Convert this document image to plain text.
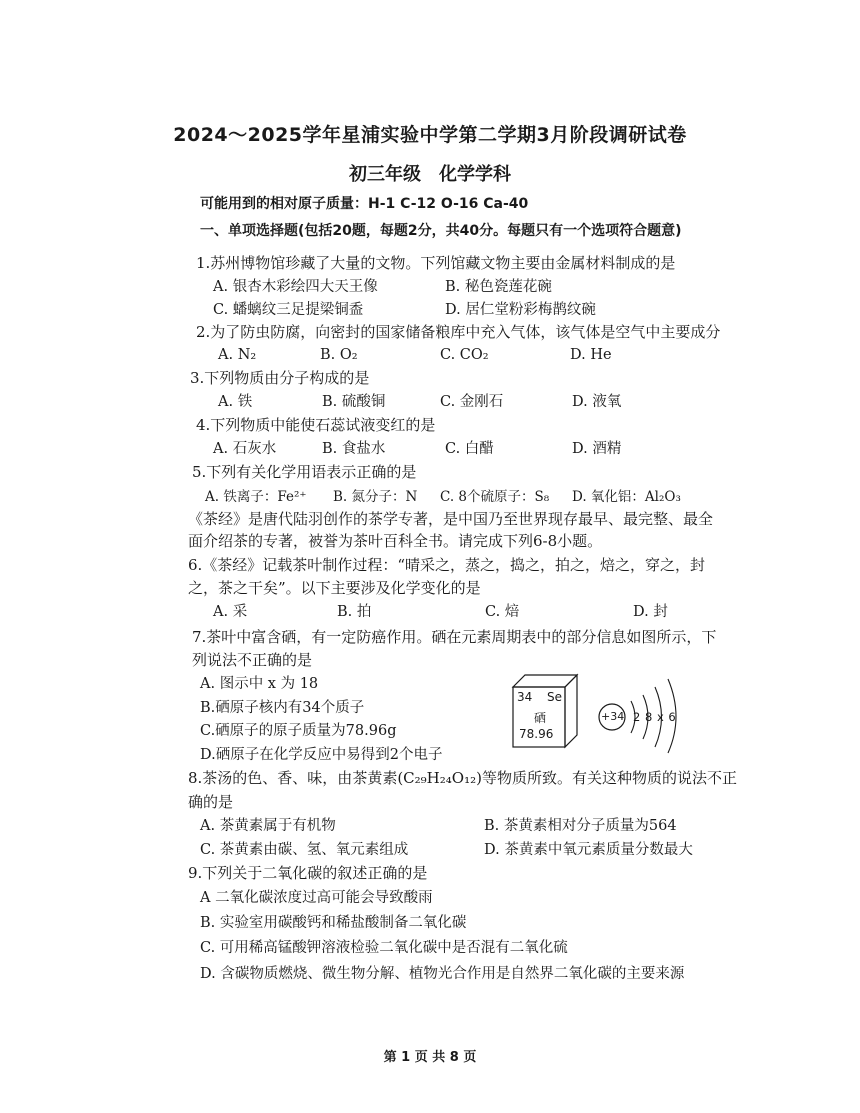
2024～2025学年星浦实验中学第二学期3月阶段调研试卷
初三年级　化学学科
可能用到的相对原子质量：H-1 C-12 O-16 Ca-40
一、单项选择题(包括20题，每题2分，共40分。每题只有一个选项符合题意)
1.苏州博物馆珍藏了大量的文物。下列馆藏文物主要由金属材料制成的是
A. 银杏木彩绘四大天王像	B. 秘色瓷莲花碗
C. 蟠螭纹三足提梁铜盉	D. 居仁堂粉彩梅鹊纹碗
2.为了防虫防腐，向密封的国家储备粮库中充入气体，该气体是空气中主要成分
A. N₂	B. O₂	C. CO₂	D. He
3.下列物质由分子构成的是
A. 铁	B. 硫酸铜	C. 金刚石	D. 液氧
4.下列物质中能使石蕊试液变红的是
A. 石灰水	B. 食盐水	C. 白醋	D. 酒精
5.下列有关化学用语表示正确的是
A. 铁离子：Fe²⁺ B. 氮分子：N C. 8个硫原子：S₈ D. 氧化铝：Al₂O₃
《茶经》是唐代陆羽创作的茶学专著，是中国乃至世界现存最早、最完整、最全
面介绍茶的专著，被誉为茶叶百科全书。请完成下列6-8小题。
6.《茶经》记载茶叶制作过程：“晴采之，蒸之，捣之，拍之，焙之，穿之，封
之，茶之干矣”。以下主要涉及化学变化的是
A. 采	B. 拍	C. 焙	D. 封
7.茶叶中富含硒，有一定防癌作用。硒在元素周期表中的部分信息如图所示，下
列说法不正确的是
A. 图示中 x 为 18
B.硒原子核内有34个质子
C.硒原子的原子质量为78.96g
D.硒原子在化学反应中易得到2个电子
34 Se
硒
78.96
+34 2 8 x 6
8.茶汤的色、香、味，由茶黄素(C₂₉H₂₄O₁₂)等物质所致。有关这种物质的说法不正
确的是
A. 茶黄素属于有机物	B. 茶黄素相对分子质量为564
C. 茶黄素由碳、氢、氧元素组成	D. 茶黄素中氧元素质量分数最大
9.下列关于二氧化碳的叙述正确的是
A 二氧化碳浓度过高可能会导致酸雨
B. 实验室用碳酸钙和稀盐酸制备二氧化碳
C. 可用稀高锰酸钾溶液检验二氧化碳中是否混有二氧化硫
D. 含碳物质燃烧、微生物分解、植物光合作用是自然界二氧化碳的主要来源
第 1 页 共 8 页
